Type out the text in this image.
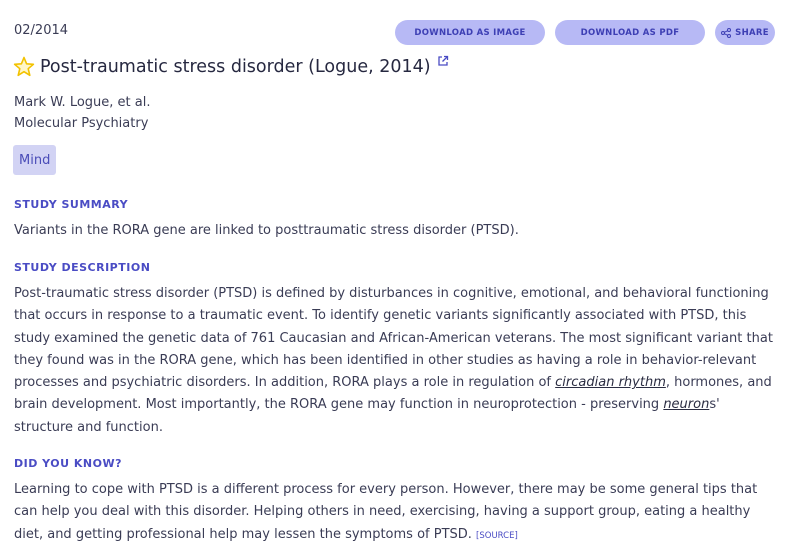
02/2014	DOWNLOAD AS IMAGE	DOWNLOAD AS PDF	SHARE
Post-traumatic stress disorder (Logue, 2014)
Mark W. Logue, et al.
Molecular Psychiatry
Mind
STUDY SUMMARY
Variants in the RORA gene are linked to posttraumatic stress disorder (PTSD).
STUDY DESCRIPTION
Post-traumatic stress disorder (PTSD) is defined by disturbances in cognitive, emotional, and behavioral functioning that occurs in response to a traumatic event. To identify genetic variants significantly associated with PTSD, this study examined the genetic data of 761 Caucasian and African-American veterans. The most significant variant that they found was in the RORA gene, which has been identified in other studies as having a role in behavior-relevant processes and psychiatric disorders. In addition, RORA plays a role in regulation of circadian rhythm, hormones, and brain development. Most importantly, the RORA gene may function in neuroprotection - preserving neurons' structure and function.
DID YOU KNOW?
Learning to cope with PTSD is a different process for every person. However, there may be some general tips that can help you deal with this disorder. Helping others in need, exercising, having a support group, eating a healthy diet, and getting professional help may lessen the symptoms of PTSD. [SOURCE]
